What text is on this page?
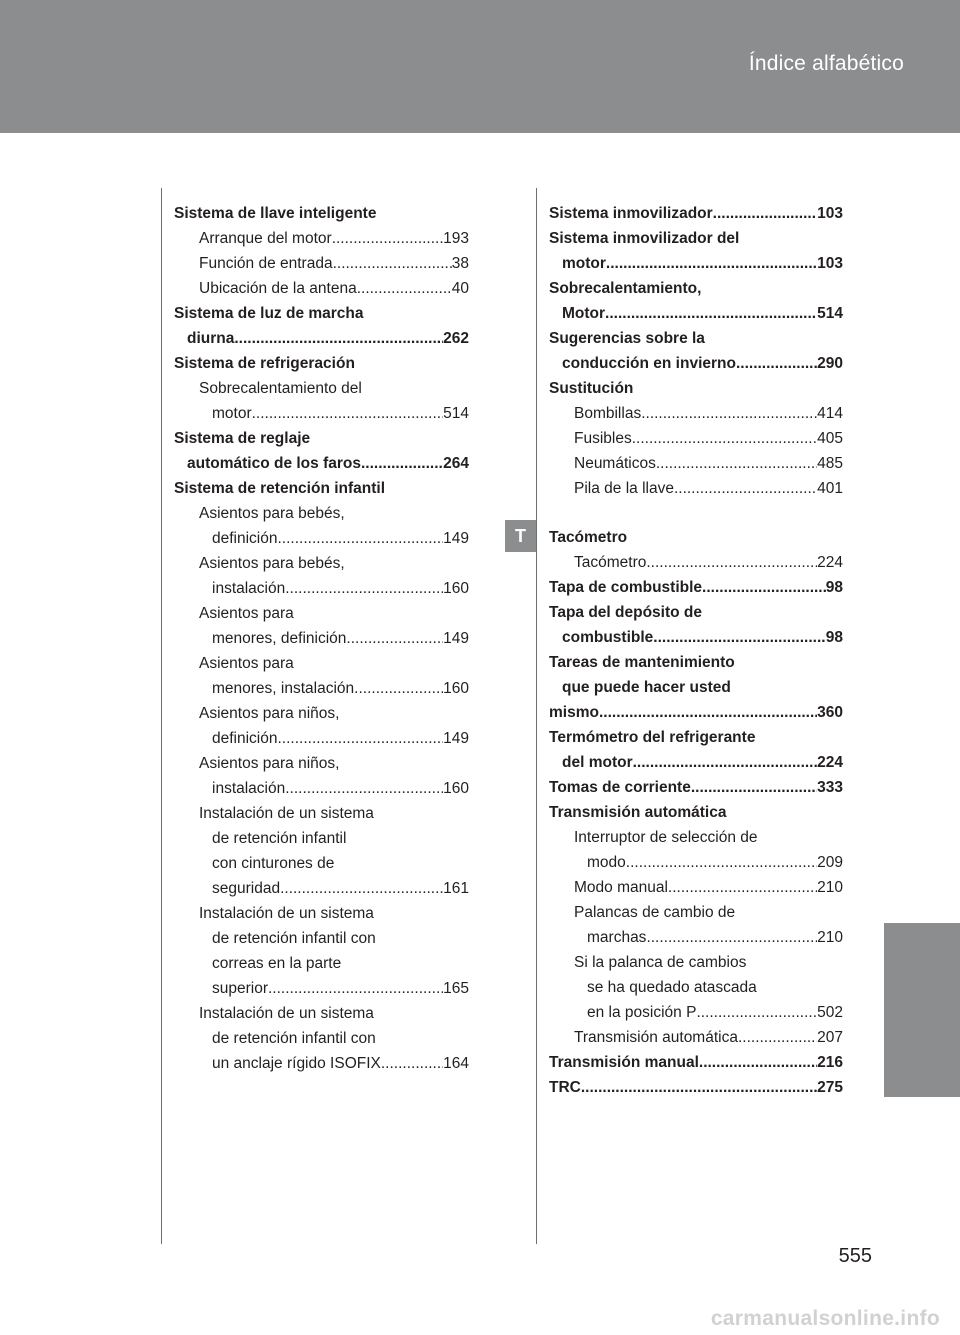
Índice alfabético
T
Sistema de llave inteligente
Arranque del motor .....	193
Función de entrada .....	38
Ubicación de la antena .....	40
Sistema de luz de marcha
diurna .....	262
Sistema de refrigeración
Sobrecalentamiento del
motor .....	514
Sistema de reglaje
automático de los faros .....	264
Sistema de retención infantil
Asientos para bebés,
definición .....	149
Asientos para bebés,
instalación .....	160
Asientos para
menores, definición .....	149
Asientos para
menores, instalación .....	160
Asientos para niños,
definición .....	149
Asientos para niños,
instalación .....	160
Instalación de un sistema
de retención infantil
con cinturones de
seguridad .....	161
Instalación de un sistema
de retención infantil con
correas en la parte
superior .....	165
Instalación de un sistema
de retención infantil con
un anclaje rígido ISOFIX .....	164
Sistema inmovilizador .....	103
Sistema inmovilizador del
motor .....	103
Sobrecalentamiento,
Motor .....	514
Sugerencias sobre la
conducción en invierno .....	290
Sustitución
Bombillas .....	414
Fusibles .....	405
Neumáticos .....	485
Pila de la llave .....	401
Tacómetro
Tacómetro .....	224
Tapa de combustible .....	98
Tapa del depósito de
combustible .....	98
Tareas de mantenimiento
que puede hacer usted
mismo .....	360
Termómetro del refrigerante
del motor .....	224
Tomas de corriente .....	333
Transmisión automática
Interruptor de selección de
modo .....	209
Modo manual .....	210
Palancas de cambio de
marchas .....	210
Si la palanca de cambios
se ha quedado atascada
en la posición P .....	502
Transmisión automática .....	207
Transmisión manual .....	216
TRC .....	275
555
carmanualsonline.info
